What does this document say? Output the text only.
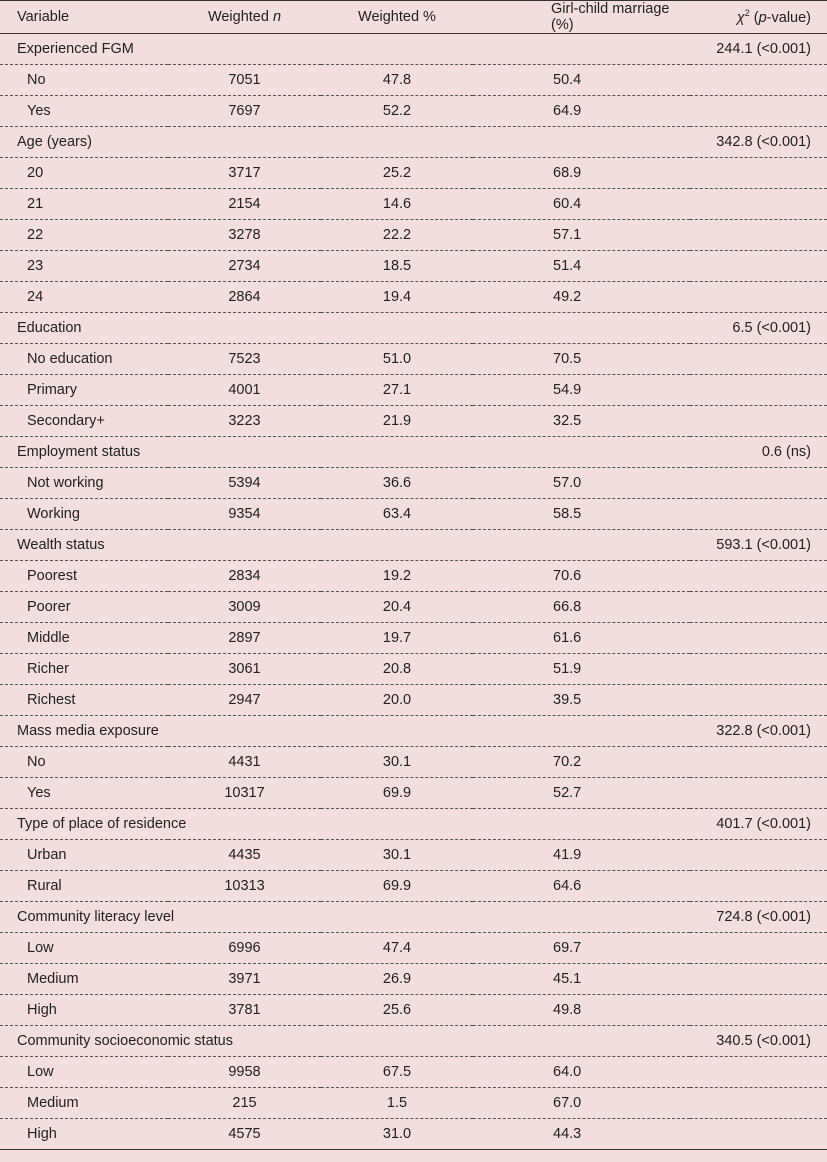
Variable	Weighted n	Weighted %	Girl-child marriage (%)	$\chi^2$ (p-value)
Experienced FGM				244.1 (<0.001)
No	7051	47.8	50.4	
Yes	7697	52.2	64.9	
Age (years)				342.8 (<0.001)
20	3717	25.2	68.9	
21	2154	14.6	60.4	
22	3278	22.2	57.1	
23	2734	18.5	51.4	
24	2864	19.4	49.2	
Education				6.5 (<0.001)
No education	7523	51.0	70.5	
Primary	4001	27.1	54.9	
Secondary+	3223	21.9	32.5	
Employment status				0.6 (ns)
Not working	5394	36.6	57.0	
Working	9354	63.4	58.5	
Wealth status				593.1 (<0.001)
Poorest	2834	19.2	70.6	
Poorer	3009	20.4	66.8	
Middle	2897	19.7	61.6	
Richer	3061	20.8	51.9	
Richest	2947	20.0	39.5	
Mass media exposure				322.8 (<0.001)
No	4431	30.1	70.2	
Yes	10317	69.9	52.7	
Type of place of residence				401.7 (<0.001)
Urban	4435	30.1	41.9	
Rural	10313	69.9	64.6	
Community literacy level				724.8 (<0.001)
Low	6996	47.4	69.7	
Medium	3971	26.9	45.1	
High	3781	25.6	49.8	
Community socioeconomic status				340.5 (<0.001)
Low	9958	67.5	64.0	
Medium	215	1.5	67.0	
High	4575	31.0	44.3	
